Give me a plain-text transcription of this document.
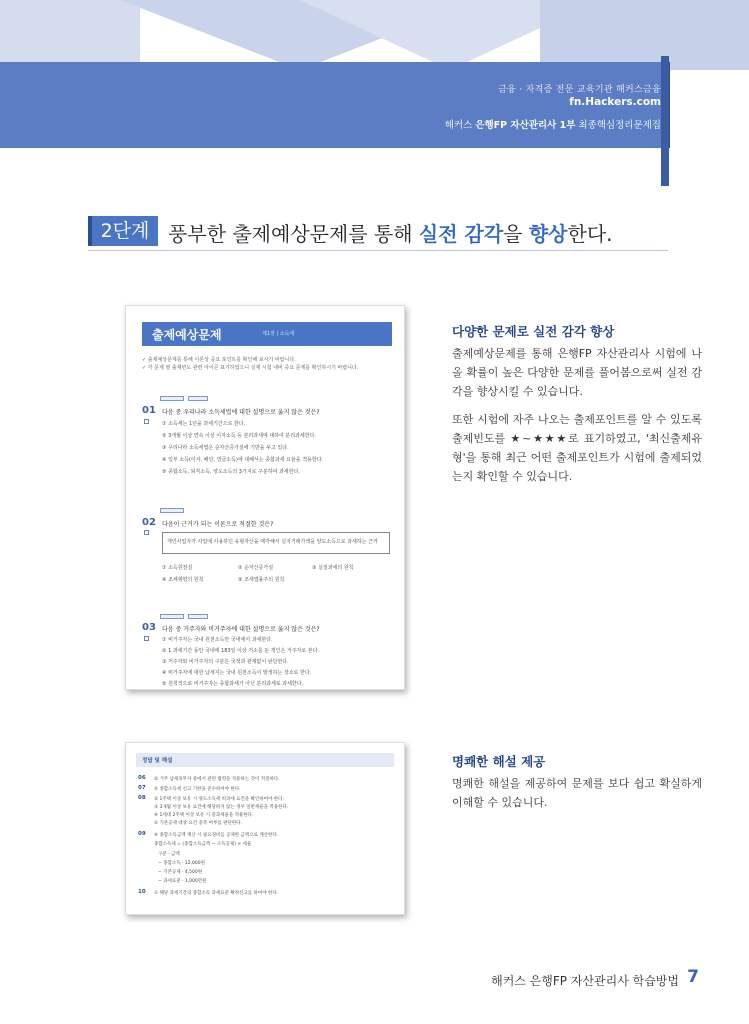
금융 · 자격증 전문 교육기관 해커스금융
fn.Hackers.com
해커스 은행FP 자산관리사 1부 최종핵심정리문제집
2단계 풍부한 출제예상문제를 통해 실전 감각을 향상한다.
출제예상문제	제1장 | 소득세
✓ 출제예상문제를 통해 이론상 중요 포인트를 확인해 보시기 바랍니다.
✓ 각 문제 옆 출제빈도 관련 아이콘 표기하였으니 실제 시험 대비 중요 문제를 확인하시기 바랍니다.
01 다음 중 우리나라 소득세법에 대한 설명으로 옳지 않은 것은?
① 소득세는 1년을 과세기간으로 한다.
② 3개월 이상 연속 이상 이자소득 등 분리과세에 대하여 분리과세한다.
③ 우리나라 소득세법은 순자산증가설에 기반을 두고 있다.
④ 일부 소득(이자, 배당, 연금소득)에 대해서는 종합과세 요율을 적용한다.
⑤ 종합소득, 퇴직소득, 양도소득의 3가지로 구분하여 과세한다.
02 다음이 근거가 되는 이론으로 적절한 것은?
개인사업자가 사업에 사용하던 유형자산을 매각해서 실지거래가액을 양도소득으로 과세하는 근거
① 소득원천설	② 순자산증가설	③ 실질과세의 원칙
④ 조세형평의 원칙	⑤ 조세법률주의 원칙
03 다음 중 거주자와 비거주자에 대한 설명으로 옳지 않은 것은?
① 비거주자는 국내 원천소득만 국내에서 과세한다.
② 1 과세기간 동안 국내에 183일 이상 거소를 둔 개인은 거주자로 본다.
③ 거주자와 비거주자의 구분은 국적과 관계없이 판단한다.
④ 비거주자에 대한 납세지는 국내 원천소득이 발생하는 장소로 한다.
⑤ 원칙적으로 비거주자는 종합과세가 아닌 분리과세로 과세한다.
정답 및 해설
06 ② 거주 납세의무자 중에서 관련 법령을 적용하는 것이 적절하다.
07 ⑤ 종합소득세 신고 기한을 준수하여야 한다.
08 ② 1주택 이상 보유 시 양도소득세 비과세 요건을 확인하여야 한다.
③ 3개월 이상 보유 요건에 해당하지 않는 경우 일반세율을 적용한다.
④ 1세대 2주택 이상 보유 시 중과세율을 적용한다.
⑤ 기본공제 대상 요건 충족 여부를 판단한다.
09 ④ 종합소득금액 계산 시 필요경비를 공제한 금액으로 계산한다.
종합소득세 = (종합소득금액 − 소득공제) × 세율
구분 · 금액
− 종합소득 · 12,000원
− 기본공제 · 4,500원
− 과세표준 · 1,000만원
10 ① 해당 과세기간의 종합소득 과세표준 확정신고를 하여야 한다.
다양한 문제로 실전 감각 향상
출제예상문제를 통해 은행FP 자산관리사 시험에 나올 확률이 높은 다양한 문제를 풀어봄으로써 실전 감각을 향상시킬 수 있습니다.
또한 시험에 자주 나오는 출제포인트를 알 수 있도록 출제빈도를 ★~★★★로 표기하였고, '최신출제유형'을 통해 최근 어떤 출제포인트가 시험에 출제되었는지 확인할 수 있습니다.
명쾌한 해설 제공
명쾌한 해설을 제공하여 문제를 보다 쉽고 확실하게 이해할 수 있습니다.
해커스 은행FP 자산관리사 학습방법 7
